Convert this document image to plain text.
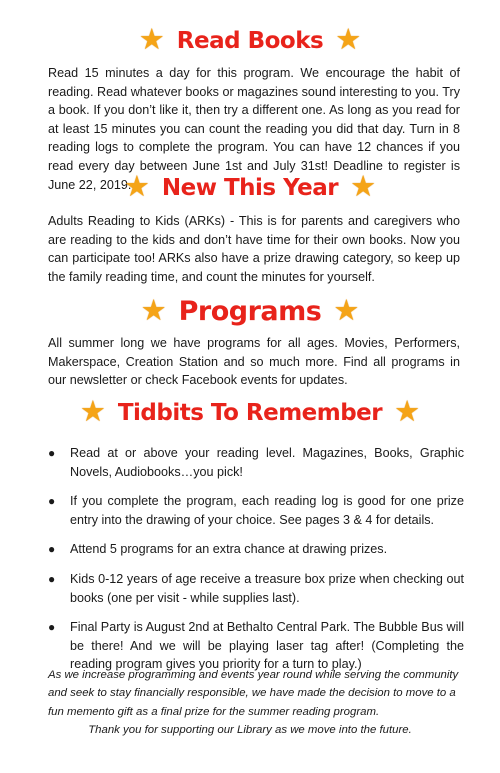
★ Read Books ★

Read 15 minutes a day for this program. We encourage the habit of reading. Read whatever books or magazines sound interesting to you. Try a book. If you don’t like it, then try a different one. As long as you read for at least 15 minutes you can count the reading you did that day. Turn in 8 reading logs to complete the program. You can have 12 chances if you read every day between June 1st and July 31st! Deadline to register is June 22, 2019.

★ New This Year ★

Adults Reading to Kids (ARKs) - This is for parents and caregivers who are reading to the kids and don’t have time for their own books. Now you can participate too! ARKs also have a prize drawing category, so keep up the family reading time, and count the minutes for yourself.

★ Programs ★

All summer long we have programs for all ages. Movies, Performers, Makerspace, Creation Station and so much more. Find all programs in our newsletter or check Facebook events for updates.

★ Tidbits To Remember ★
●	Read at or above your reading level. Magazines, Books, Graphic Novels, Audiobooks…you pick!
●	If you complete the program, each reading log is good for one prize entry into the drawing of your choice. See pages 3 & 4 for details.
●	Attend 5 programs for an extra chance at drawing prizes.
●	Kids 0-12 years of age receive a treasure box prize when checking out books (one per visit - while supplies last).
●	Final Party is August 2nd at Bethalto Central Park. The Bubble Bus will be there! And we will be playing laser tag after! (Completing the reading program gives you priority for a turn to play.)

As we increase programming and events year round while serving the community and seek to stay financially responsible, we have made the decision to move to a fun memento gift as a final prize for the summer reading program.

Thank you for supporting our Library as we move into the future.
